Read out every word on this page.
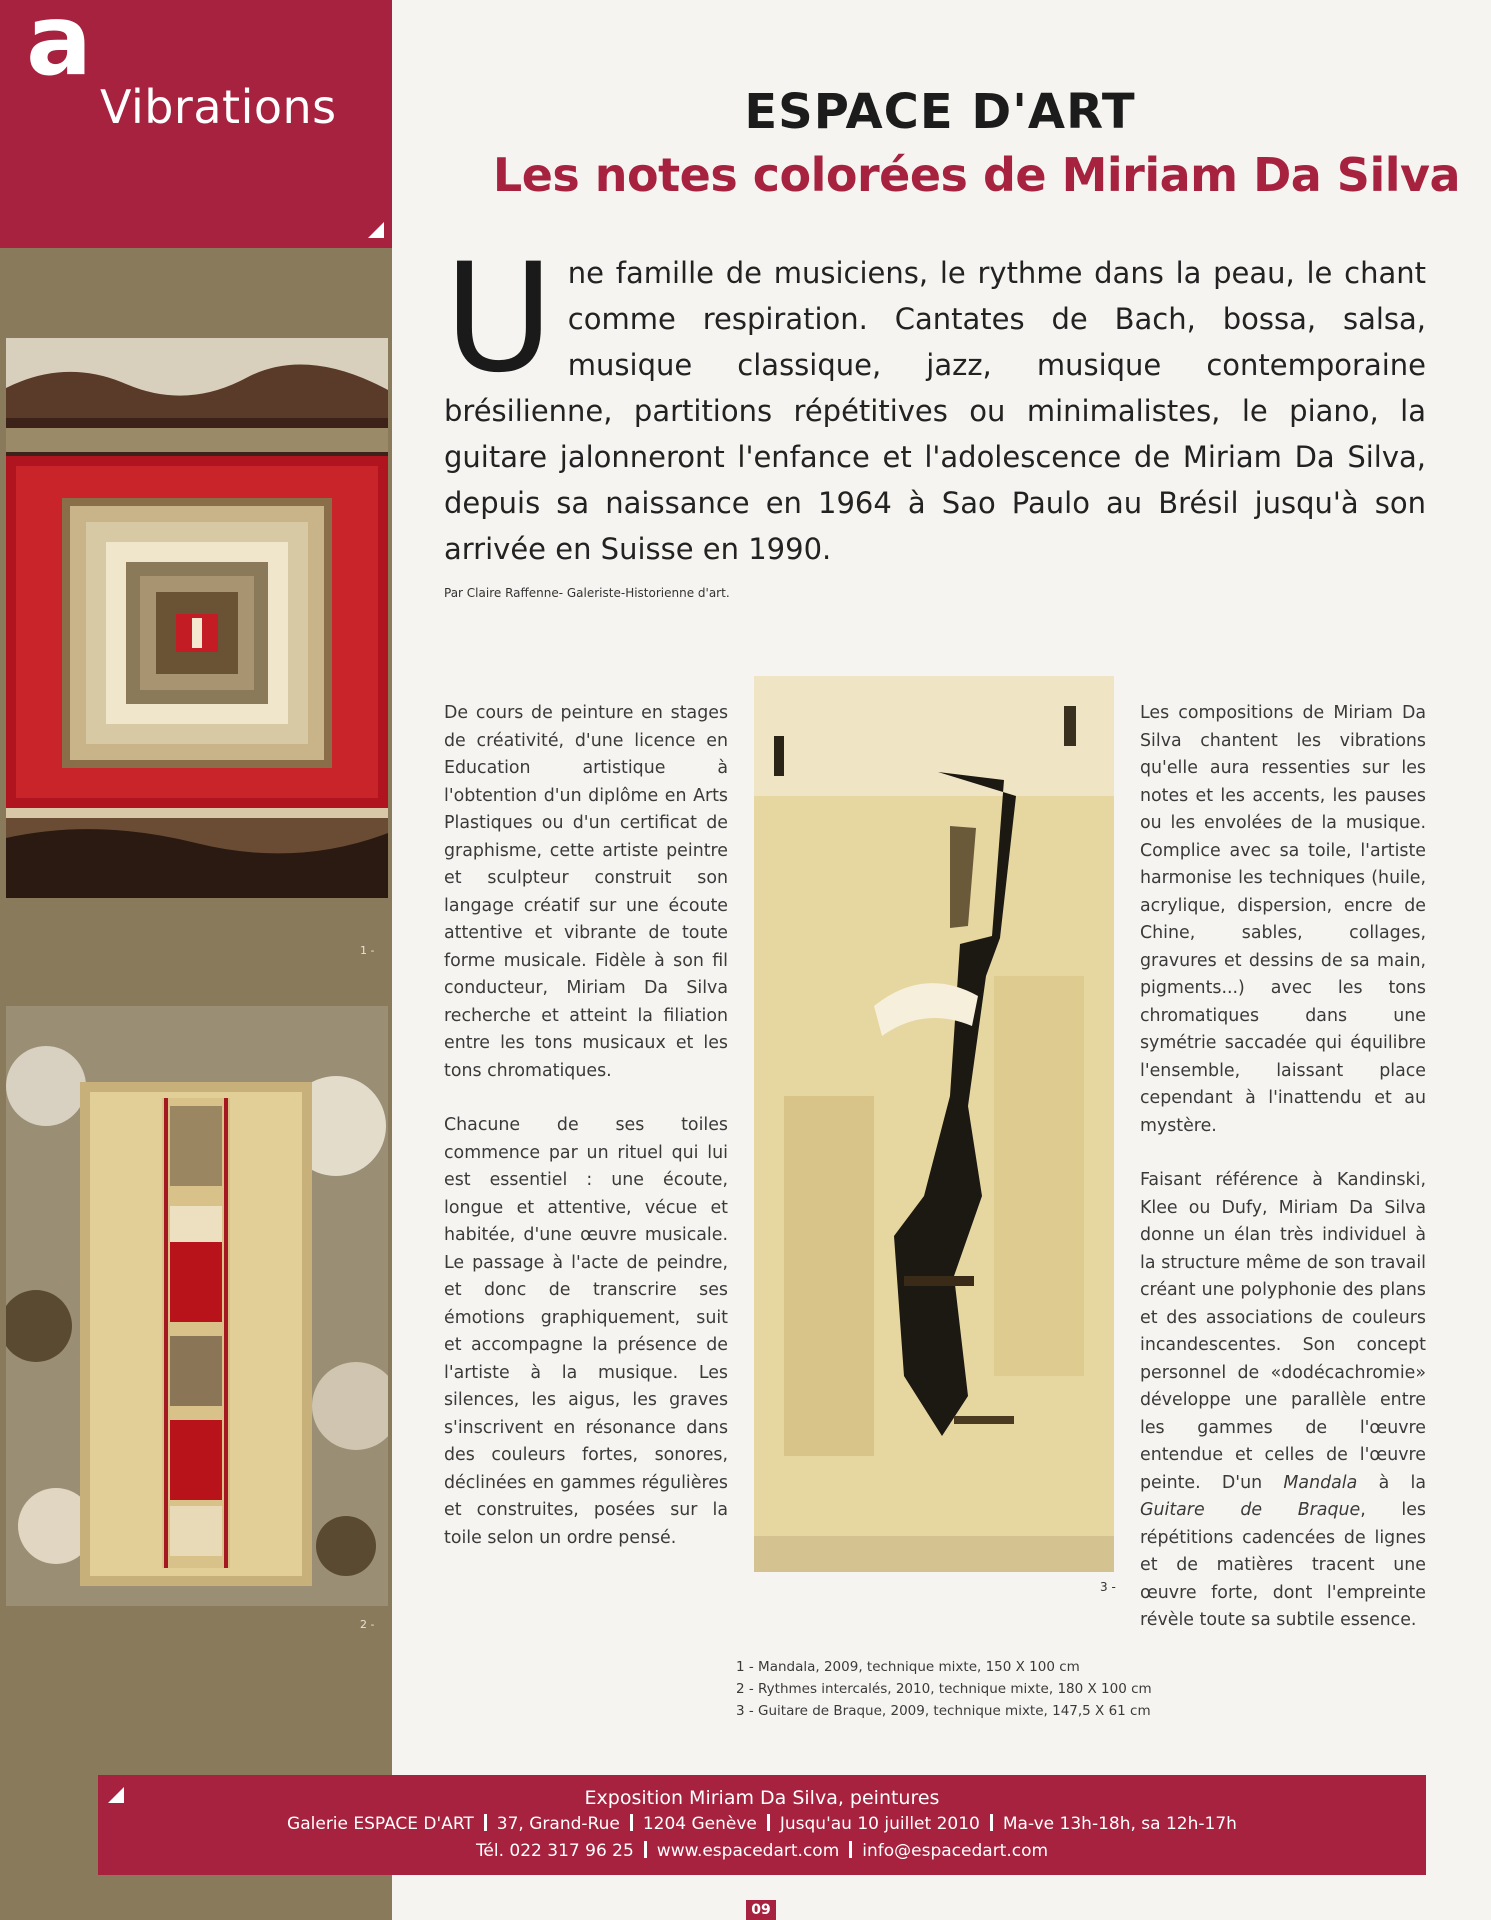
a
Vibrations
1 -
2 -
ESPACE D'ART
Les notes colorées de Miriam Da Silva
Une famille de musiciens, le rythme dans la peau, le chant comme respiration. Cantates de Bach, bossa, salsa, musique classique, jazz, musique contemporaine brésilienne, partitions répétitives ou minimalistes, le piano, la guitare jalonneront l'enfance et l'adolescence de Miriam Da Silva, depuis sa naissance en 1964 à Sao Paulo au Brésil jusqu'à son arrivée en Suisse en 1990.
Par Claire Raffenne- Galeriste-Historienne d'art.

De cours de peinture en stages de créativité, d'une licence en Education artistique à l'obtention d'un diplôme en Arts Plastiques ou d'un certificat de graphisme, cette artiste peintre et sculpteur construit son langage créatif sur une écoute attentive et vibrante de toute forme musicale. Fidèle à son fil conducteur, Miriam Da Silva recherche et atteint la filiation entre les tons musicaux et les tons chromatiques.

Chacune de ses toiles commence par un rituel qui lui est essentiel : une écoute, longue et attentive, vécue et habitée, d'une œuvre musicale. Le passage à l'acte de peindre, et donc de transcrire ses émotions graphiquement, suit et accompagne la présence de l'artiste à la musique. Les silences, les aigus, les graves s'inscrivent en résonance dans des couleurs fortes, sonores, déclinées en gammes régulières et construites, posées sur la toile selon un ordre pensé.

3 -

Les compositions de Miriam Da Silva chantent les vibrations qu'elle aura ressenties sur les notes et les accents, les pauses ou les envolées de la musique. Complice avec sa toile, l'artiste harmonise les techniques (huile, acrylique, dispersion, encre de Chine, sables, collages, gravures et dessins de sa main, pigments...) avec les tons chromatiques dans une symétrie saccadée qui équilibre l'ensemble, laissant place cependant à l'inattendu et au mystère.

Faisant référence à Kandinski, Klee ou Dufy, Miriam Da Silva donne un élan très individuel à la structure même de son travail créant une polyphonie des plans et des associations de couleurs incandescentes. Son concept personnel de «dodécachromie» développe une parallèle entre les gammes de l'œuvre entendue et celles de l'œuvre peinte. D'un Mandala à la Guitare de Braque, les répétitions cadencées de lignes et de matières tracent une œuvre forte, dont l'empreinte révèle toute sa subtile essence.

1 - Mandala, 2009, technique mixte, 150 X 100 cm
2 - Rythmes intercalés, 2010, technique mixte, 180 X 100 cm
3 - Guitare de Braque, 2009, technique mixte, 147,5 X 61 cm
Exposition Miriam Da Silva, peintures
Galerie ESPACE D'ART 37, Grand-Rue 1204 Genève Jusqu'au 10 juillet 2010 Ma-ve 13h-18h, sa 12h-17h
Tél. 022 317 96 25 www.espacedart.com info@espacedart.com
09
